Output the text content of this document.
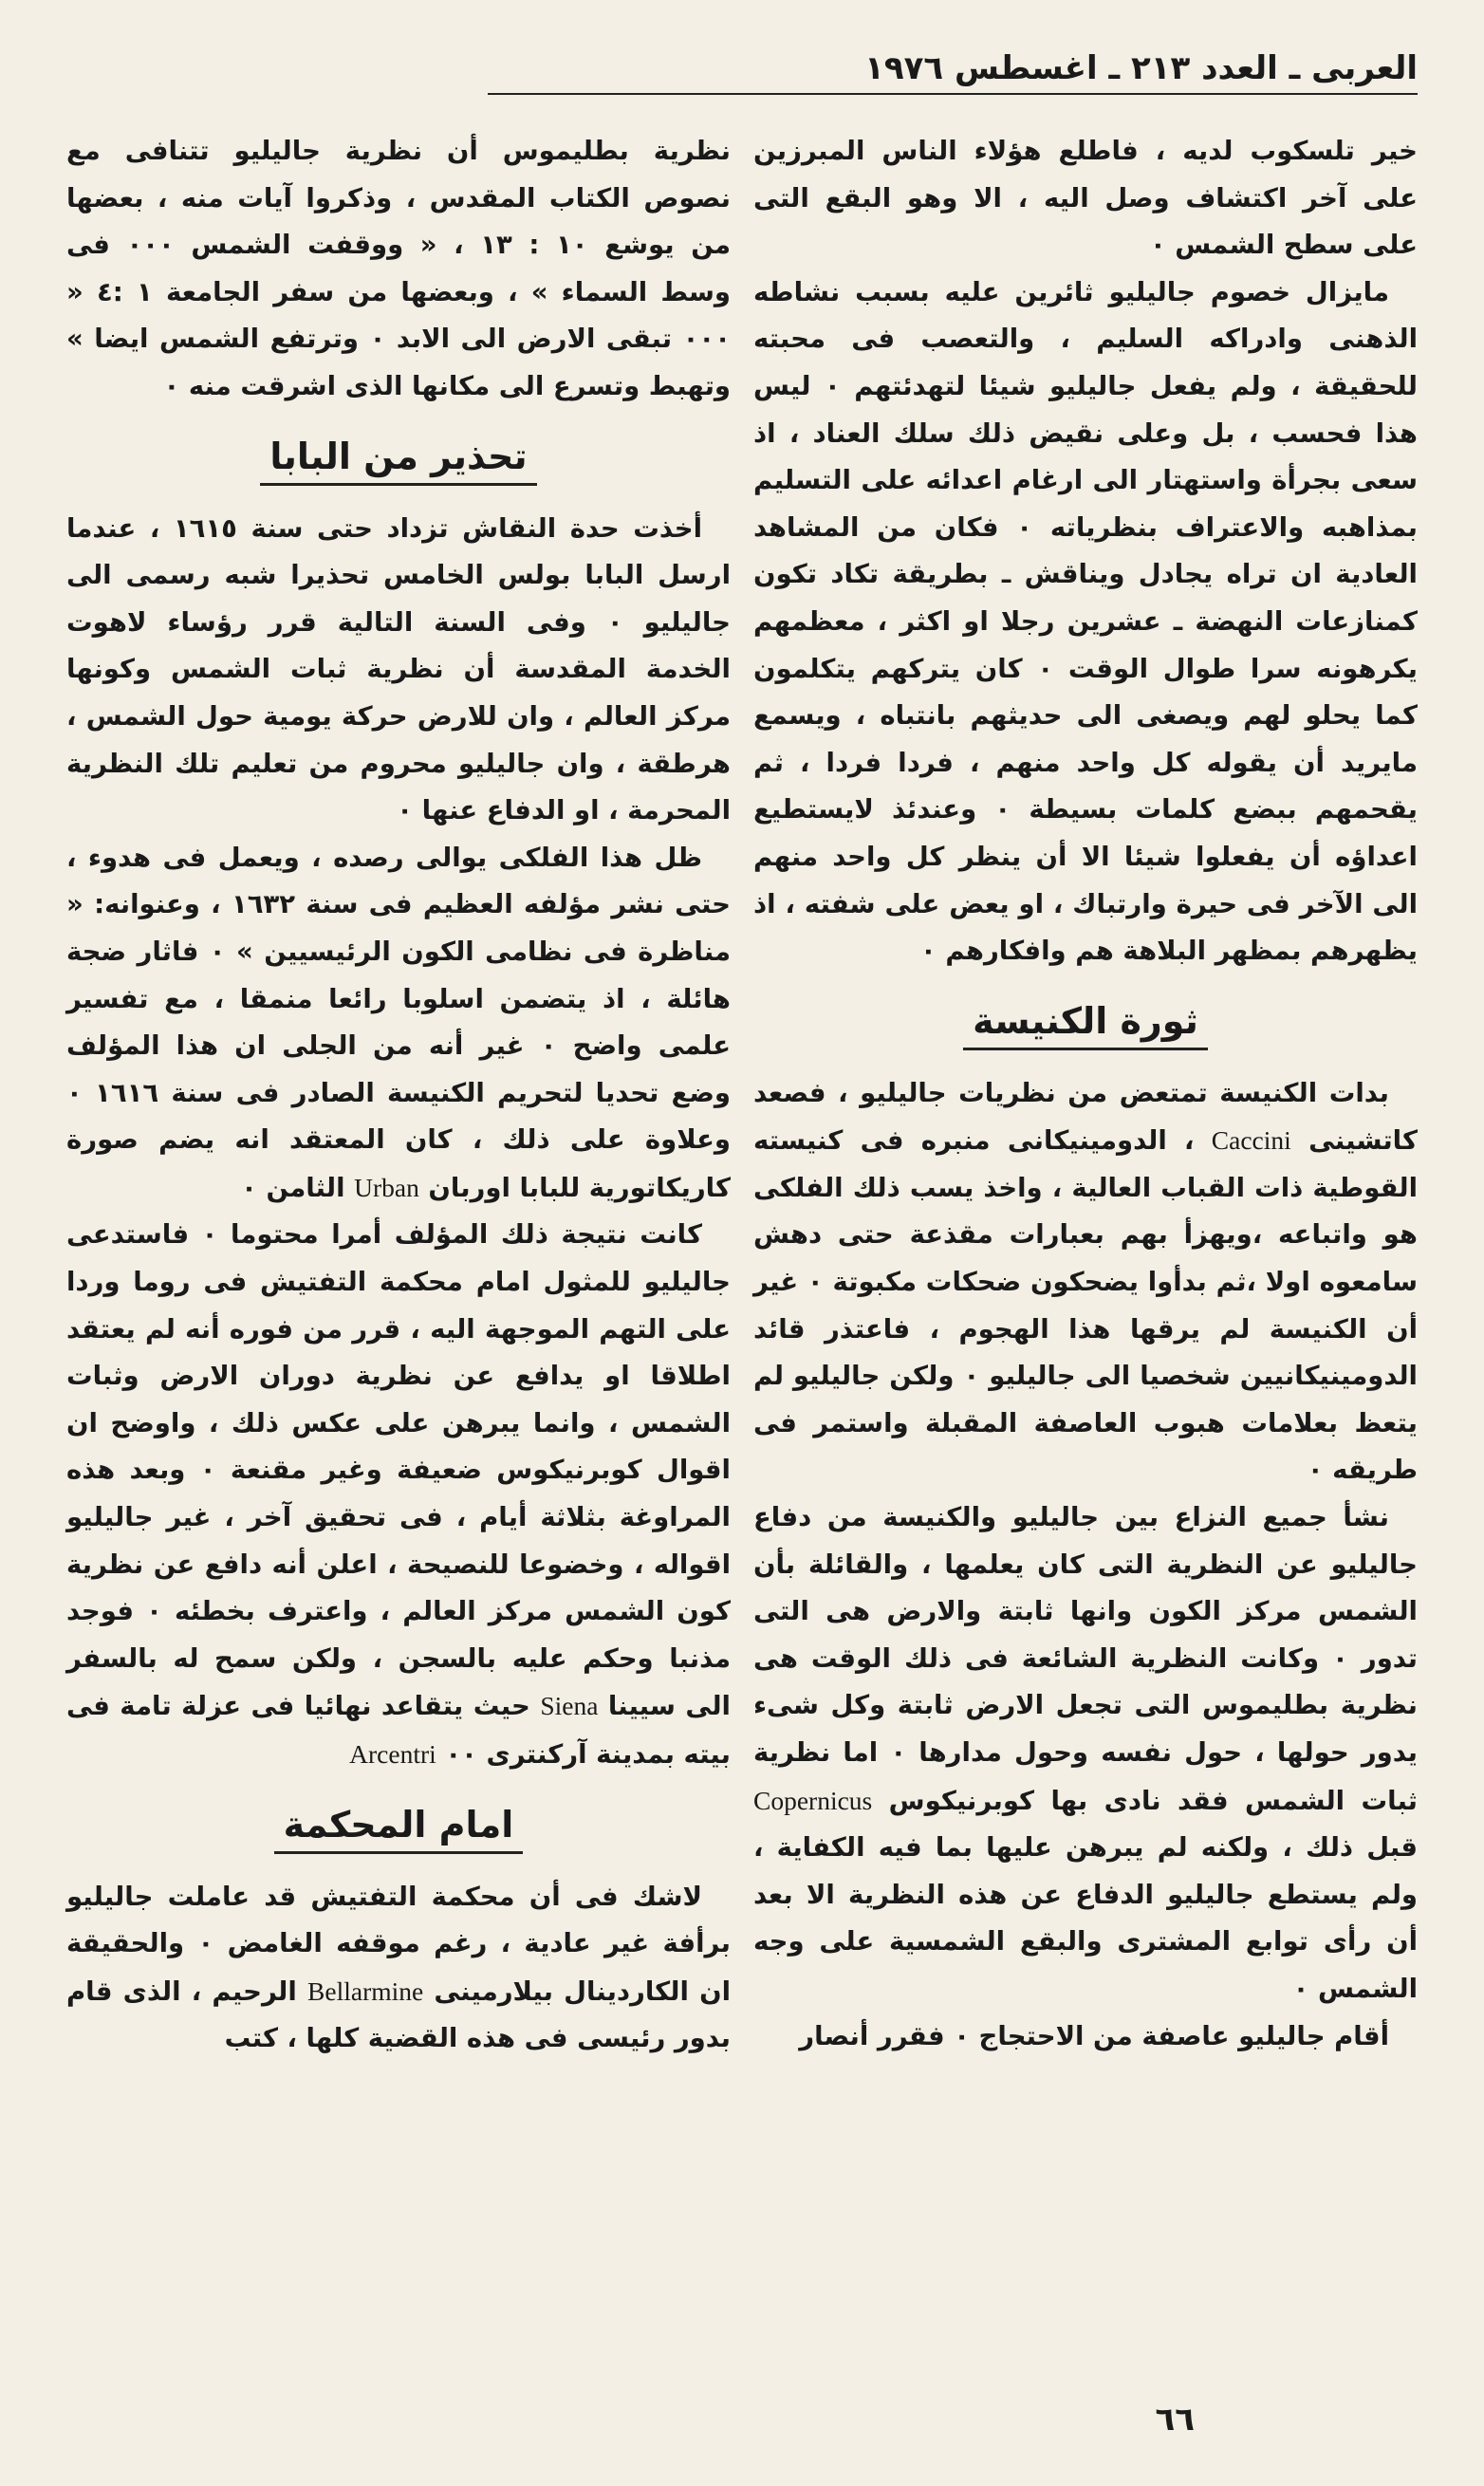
العربى ـ العدد ٢١٣ ـ اغسطس ١٩٧٦

خير تلسكوب لديه ، فاطلع هؤلاء الناس المبرزين على آخر اكتشاف وصل اليه ، الا وهو البقع التى على سطح الشمس ٠

مايزال خصوم جاليليو ثائرين عليه بسبب نشاطه الذهنى وادراكه السليم ، والتعصب فى محبته للحقيقة ، ولم يفعل جاليليو شيئا لتهدئتهم ٠ ليس هذا فحسب ، بل وعلى نقيض ذلك سلك العناد ، اذ سعى بجرأة واستهتار الى ارغام اعدائه على التسليم بمذاهبه والاعتراف بنظرياته ٠ فكان من المشاهد العادية ان تراه يجادل ويناقش ـ بطريقة تكاد تكون كمنازعات النهضة ـ عشرين رجلا او اكثر ، معظمهم يكرهونه سرا طوال الوقت ٠ كان يتركهم يتكلمون كما يحلو لهم ويصغى الى حديثهم بانتباه ، ويسمع مايريد أن يقوله كل واحد منهم ، فردا فردا ، ثم يقحمهم ببضع كلمات بسيطة ٠ وعندئذ لايستطيع اعداؤه أن يفعلوا شيئا الا أن ينظر كل واحد منهم الى الآخر فى حيرة وارتباك ، او يعض على شفته ، اذ يظهرهم بمظهر البلاهة هم وافكارهم ٠

ثورة الكنيسة

بدات الكنيسة تمتعض من نظريات جاليليو ، فصعد كاتشينى Caccini ، الدومينيكانى منبره فى كنيسته القوطية ذات القباب العالية ، واخذ يسب ذلك الفلكى هو واتباعه ،ويهزأ بهم بعبارات مقذعة حتى دهش سامعوه اولا ،ثم بدأوا يضحكون ضحكات مكبوتة ٠ غير أن الكنيسة لم يرقها هذا الهجوم ، فاعتذر قائد الدومينيكانيين شخصيا الى جاليليو ٠ ولكن جاليليو لم يتعظ بعلامات هبوب العاصفة المقبلة واستمر فى طريقه ٠

نشأ جميع النزاع بين جاليليو والكنيسة من دفاع جاليليو عن النظرية التى كان يعلمها ، والقائلة بأن الشمس مركز الكون وانها ثابتة والارض هى التى تدور ٠ وكانت النظرية الشائعة فى ذلك الوقت هى نظرية بطليموس التى تجعل الارض ثابتة وكل شىء يدور حولها ، حول نفسه وحول مدارها ٠ اما نظرية ثبات الشمس فقد نادى بها كوبرنيكوس Copernicus قبل ذلك ، ولكنه لم يبرهن عليها بما فيه الكفاية ، ولم يستطع جاليليو الدفاع عن هذه النظرية الا بعد أن رأى توابع المشترى والبقع الشمسية على وجه الشمس ٠

أقام جاليليو عاصفة من الاحتجاج ٠ فقرر أنصار

نظرية بطليموس أن نظرية جاليليو تتنافى مع نصوص الكتاب المقدس ، وذكروا آيات منه ، بعضها من يوشع ١٠ : ١٣ ، « ووقفت الشمس ٠٠٠ فى وسط السماء » ، وبعضها من سفر الجامعة ١ :٤ « ٠٠٠ تبقى الارض الى الابد ٠ وترتفع الشمس ايضا » وتهبط وتسرع الى مكانها الذى اشرقت منه ٠

تحذير من البابا

أخذت حدة النقاش تزداد حتى سنة ١٦١٥ ، عندما ارسل البابا بولس الخامس تحذيرا شبه رسمى الى جاليليو ٠ وفى السنة التالية قرر رؤساء لاهوت الخدمة المقدسة أن نظرية ثبات الشمس وكونها مركز العالم ، وان للارض حركة يومية حول الشمس ، هرطقة ، وان جاليليو محروم من تعليم تلك النظرية المحرمة ، او الدفاع عنها ٠

ظل هذا الفلكى يوالى رصده ، ويعمل فى هدوء ، حتى نشر مؤلفه العظيم فى سنة ١٦٣٢ ، وعنوانه: « مناظرة فى نظامى الكون الرئيسيين » ٠ فاثار ضجة هائلة ، اذ يتضمن اسلوبا رائعا منمقا ، مع تفسير علمى واضح ٠ غير أنه من الجلى ان هذا المؤلف وضع تحديا لتحريم الكنيسة الصادر فى سنة ١٦١٦ ٠ وعلاوة على ذلك ، كان المعتقد انه يضم صورة كاريكاتورية للبابا اوربان Urban الثامن ٠

كانت نتيجة ذلك المؤلف أمرا محتوما ٠ فاستدعى جاليليو للمثول امام محكمة التفتيش فى روما وردا على التهم الموجهة اليه ، قرر من فوره أنه لم يعتقد اطلاقا او يدافع عن نظرية دوران الارض وثبات الشمس ، وانما يبرهن على عكس ذلك ، واوضح ان اقوال كوبرنيكوس ضعيفة وغير مقنعة ٠ وبعد هذه المراوغة بثلاثة أيام ، فى تحقيق آخر ، غير جاليليو اقواله ، وخضوعا للنصيحة ، اعلن أنه دافع عن نظرية كون الشمس مركز العالم ، واعترف بخطئه ٠ فوجد مذنبا وحكم عليه بالسجن ، ولكن سمح له بالسفر الى سيينا Siena حيث يتقاعد نهائيا فى عزلة تامة فى بيته بمدينة آركنترى ٠٠ Arcentri

امام المحكمة

لاشك فى أن محكمة التفتيش قد عاملت جاليليو برأفة غير عادية ، رغم موقفه الغامض ٠ والحقيقة ان الكاردينال بيلارمينى Bellarmine الرحيم ، الذى قام بدور رئيسى فى هذه القضية كلها ، كتب

٦٦
